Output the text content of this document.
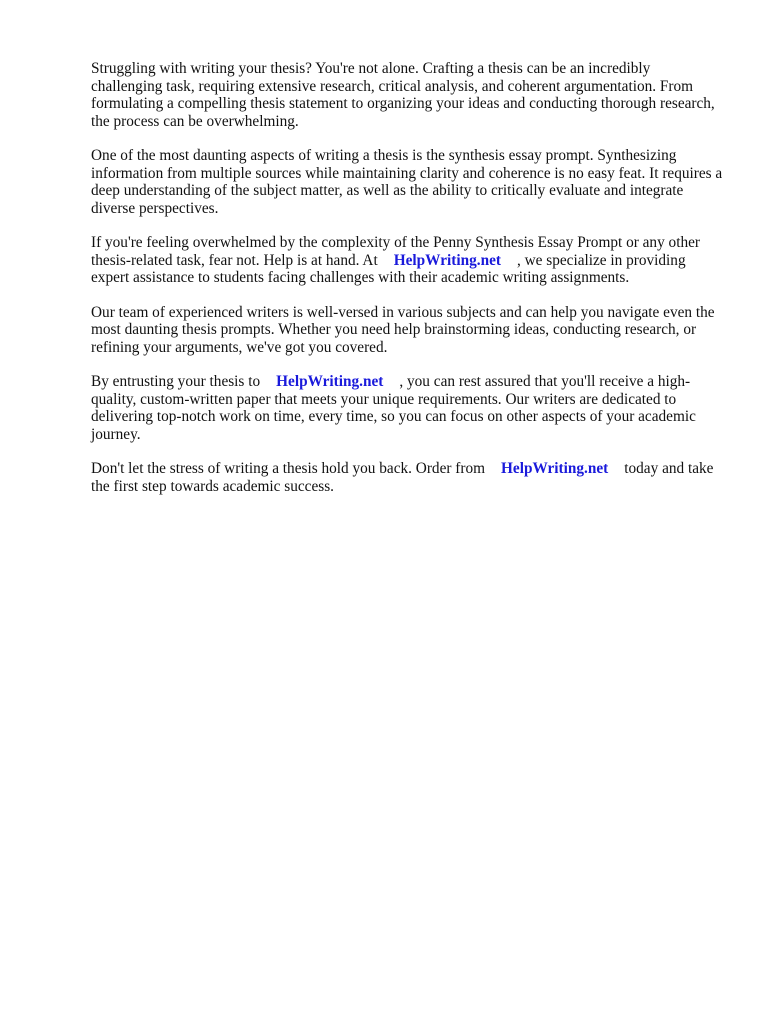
Struggling with writing your thesis? You're not alone. Crafting a thesis can be an incredibly challenging task, requiring extensive research, critical analysis, and coherent argumentation. From formulating a compelling thesis statement to organizing your ideas and conducting thorough research, the process can be overwhelming.

One of the most daunting aspects of writing a thesis is the synthesis essay prompt. Synthesizing information from multiple sources while maintaining clarity and coherence is no easy feat. It requires a deep understanding of the subject matter, as well as the ability to critically evaluate and integrate diverse perspectives.

If you're feeling overwhelmed by the complexity of the Penny Synthesis Essay Prompt or any other thesis-related task, fear not. Help is at hand. At HelpWriting.net , we specialize in providing expert assistance to students facing challenges with their academic writing assignments.

Our team of experienced writers is well-versed in various subjects and can help you navigate even the most daunting thesis prompts. Whether you need help brainstorming ideas, conducting research, or refining your arguments, we've got you covered.

By entrusting your thesis to HelpWriting.net , you can rest assured that you'll receive a high-quality, custom-written paper that meets your unique requirements. Our writers are dedicated to delivering top-notch work on time, every time, so you can focus on other aspects of your academic journey.

Don't let the stress of writing a thesis hold you back. Order from HelpWriting.net today and take the first step towards academic success.
